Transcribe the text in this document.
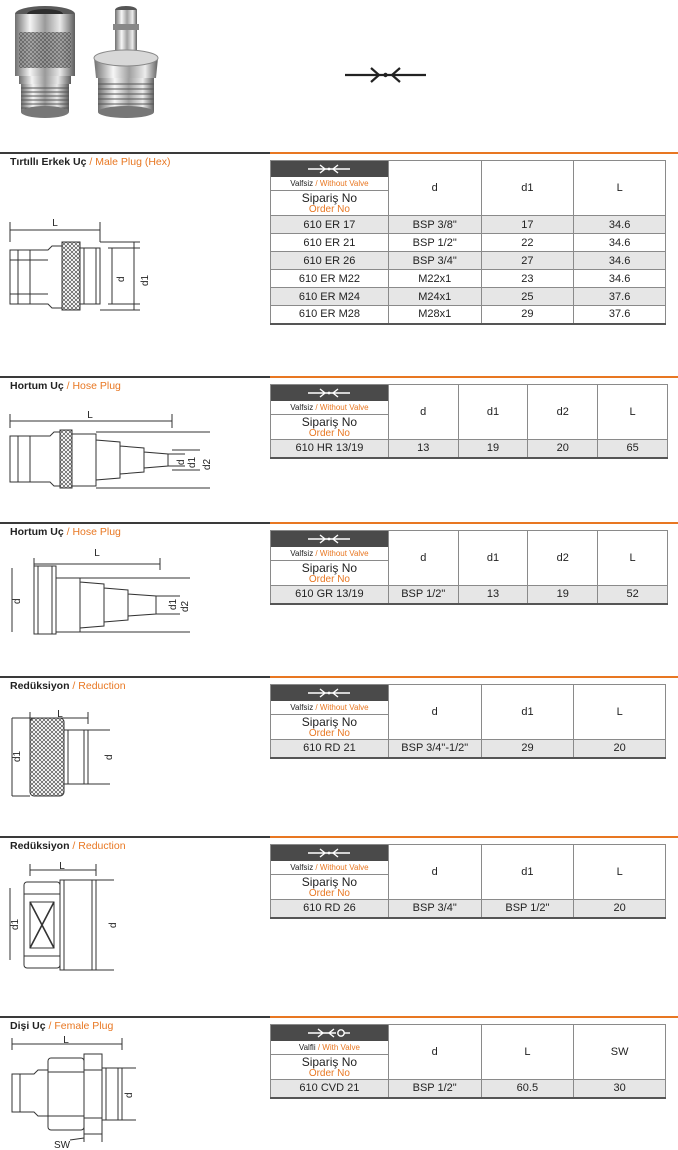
Tırtıllı Erkek Uç / Male Plug (Hex)
L
d d1
Valfsiz / Without Valve
Sipariş No
Order No	d	d1	L
610 ER 17	BSP 3/8"	17	34.6
610 ER 21	BSP 1/2"	22	34.6
610 ER 26	BSP 3/4"	27	34.6
610 ER M22	M22x1	23	34.6
610 ER M24	M24x1	25	37.6
610 ER M28	M28x1	29	37.6
Hortum Uç / Hose Plug
L
d d1 d2
Valfsiz / Without Valve
Sipariş No
Order No	d	d1	d2	L
610 HR 13/19	13	19	20	65
Hortum Uç / Hose Plug
L
d	d1 d2
Valfsiz / Without Valve
Sipariş No
Order No	d	d1	d2	L
610 GR 13/19	BSP 1/2"	13	19	52
Redüksiyon / Reduction
L
d1	d
Valfsiz / Without Valve
Sipariş No
Order No	d	d1	L
610 RD 21	BSP 3/4"-1/2"	29	20
Redüksiyon / Reduction
L
d1	d
Valfsiz / Without Valve
Sipariş No
Order No	d	d1	L
610 RD 26	BSP 3/4"	BSP 1/2"	20
Dişi Uç / Female Plug
L
d
SW
Valfli / With Valve
Sipariş No
Order No	d	L	SW
610 CVD 21	BSP 1/2"	60.5	30
